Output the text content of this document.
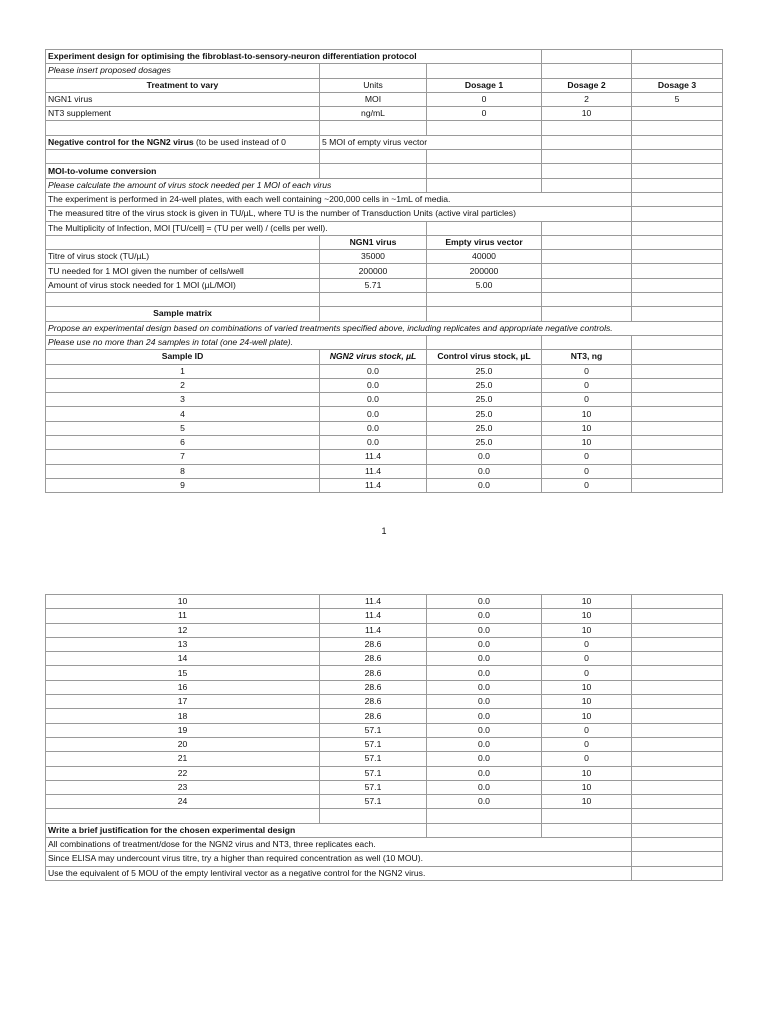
Experiment design for optimising the fibroblast-to-sensory-neuron differentiation protocol				
Please insert proposed dosages				
Treatment to vary	Units	Dosage 1	Dosage 2	Dosage 3
NGN1 virus	MOI	0	2	5
NT3 supplement	ng/mL	0	10	

Negative control for the NGN2 virus (to be used instead of 0	5 MOI of empty virus vector			

MOI-to-volume conversion				
Please calculate the amount of virus stock needed per 1 MOI of each virus				
The experiment is performed in 24-well plates, with each well containing ~200,000 cells in ~1mL of media.				
The measured titre of the virus stock is given in TU/µL, where TU is the number of Transduction Units (active viral particles)				
The Multiplicity of Infection, MOI [TU/cell] = (TU per well) / (cells per well).				
	NGN1 virus	Empty virus vector		
Titre of virus stock (TU/µL)	35000	40000		
TU needed for 1 MOI given the number of cells/well	200000	200000		
Amount of virus stock needed for 1 MOI (µL/MOI)	5.71	5.00		

Sample matrix				
Propose an experimental design based on combinations of varied treatments specified above, including replicates and appropriate negative controls.				
Please use no more than 24 samples in total (one 24-well plate).				
Sample ID	NGN2 virus stock, µL	Control virus stock, µL	NT3, ng	
1	0.0	25.0	0	
2	0.0	25.0	0	
3	0.0	25.0	0	
4	0.0	25.0	10	
5	0.0	25.0	10	
6	0.0	25.0	10	
7	11.4	0.0	0	
8	11.4	0.0	0	
9	11.4	0.0	0	
1
10	11.4	0.0	10	
11	11.4	0.0	10	
12	11.4	0.0	10	
13	28.6	0.0	0	
14	28.6	0.0	0	
15	28.6	0.0	0	
16	28.6	0.0	10	
17	28.6	0.0	10	
18	28.6	0.0	10	
19	57.1	0.0	0	
20	57.1	0.0	0	
21	57.1	0.0	0	
22	57.1	0.0	10	
23	57.1	0.0	10	
24	57.1	0.0	10	

Write a brief justification for the chosen experimental design				
All combinations of treatment/dose for the NGN2 virus and NT3, three replicates each.				
Since ELISA may undercount virus titre, try a higher than required concentration as well (10 MOU).				
Use the equivalent of 5 MOU of the empty lentiviral vector as a negative control for the NGN2 virus.				
